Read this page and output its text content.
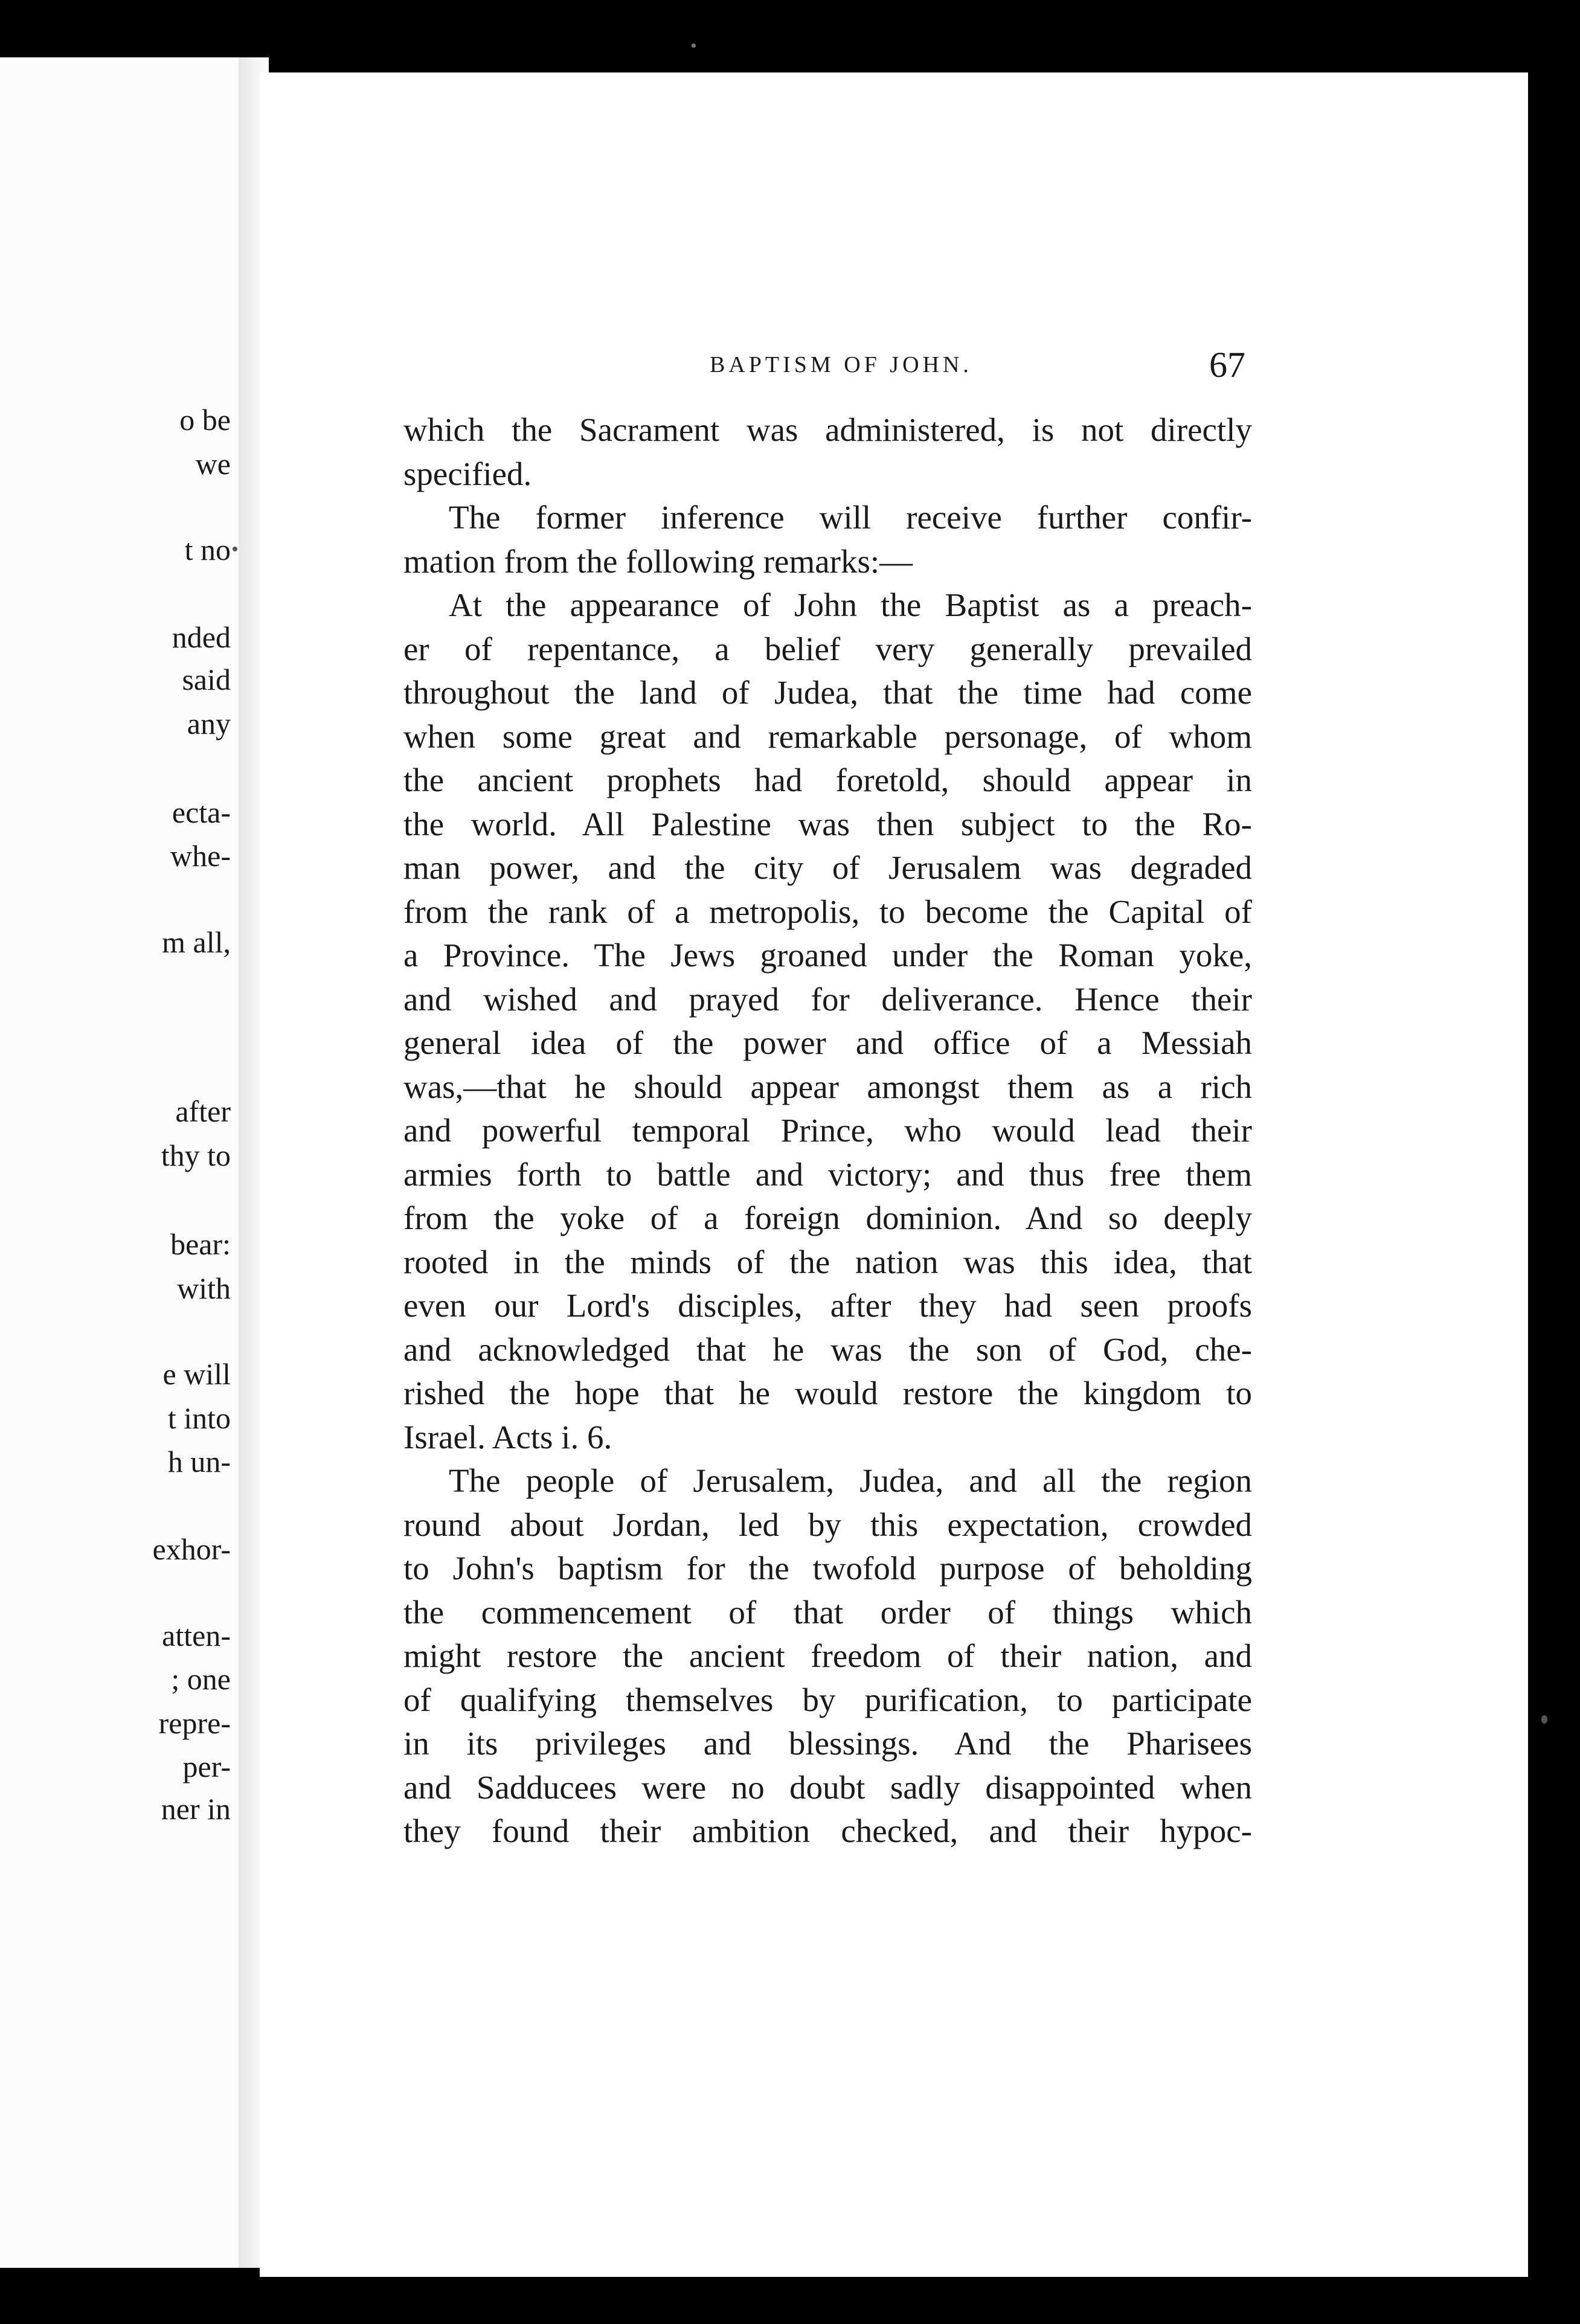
o be
we
t no
nded
said
any
ecta-
whe-
m all,
after
thy to
bear:
with
e will
t into
h un-
exhor-
atten-
; one
repre-
per-
ner in
BAPTISM OF JOHN.	67
which the Sacrament was administered, is not directly
specified.
The former inference will receive further confir-
mation from the following remarks:—
At the appearance of John the Baptist as a preach-
er of repentance, a belief very generally prevailed
throughout the land of Judea, that the time had come
when some great and remarkable personage, of whom
the ancient prophets had foretold, should appear in
the world. All Palestine was then subject to the Ro-
man power, and the city of Jerusalem was degraded
from the rank of a metropolis, to become the Capital of
a Province. The Jews groaned under the Roman yoke,
and wished and prayed for deliverance. Hence their
general idea of the power and office of a Messiah
was,—that he should appear amongst them as a rich
and powerful temporal Prince, who would lead their
armies forth to battle and victory; and thus free them
from the yoke of a foreign dominion. And so deeply
rooted in the minds of the nation was this idea, that
even our Lord's disciples, after they had seen proofs
and acknowledged that he was the son of God, che-
rished the hope that he would restore the kingdom to
Israel. Acts i. 6.
The people of Jerusalem, Judea, and all the region
round about Jordan, led by this expectation, crowded
to John's baptism for the twofold purpose of beholding
the commencement of that order of things which
might restore the ancient freedom of their nation, and
of qualifying themselves by purification, to participate
in its privileges and blessings. And the Pharisees
and Sadducees were no doubt sadly disappointed when
they found their ambition checked, and their hypoc-
